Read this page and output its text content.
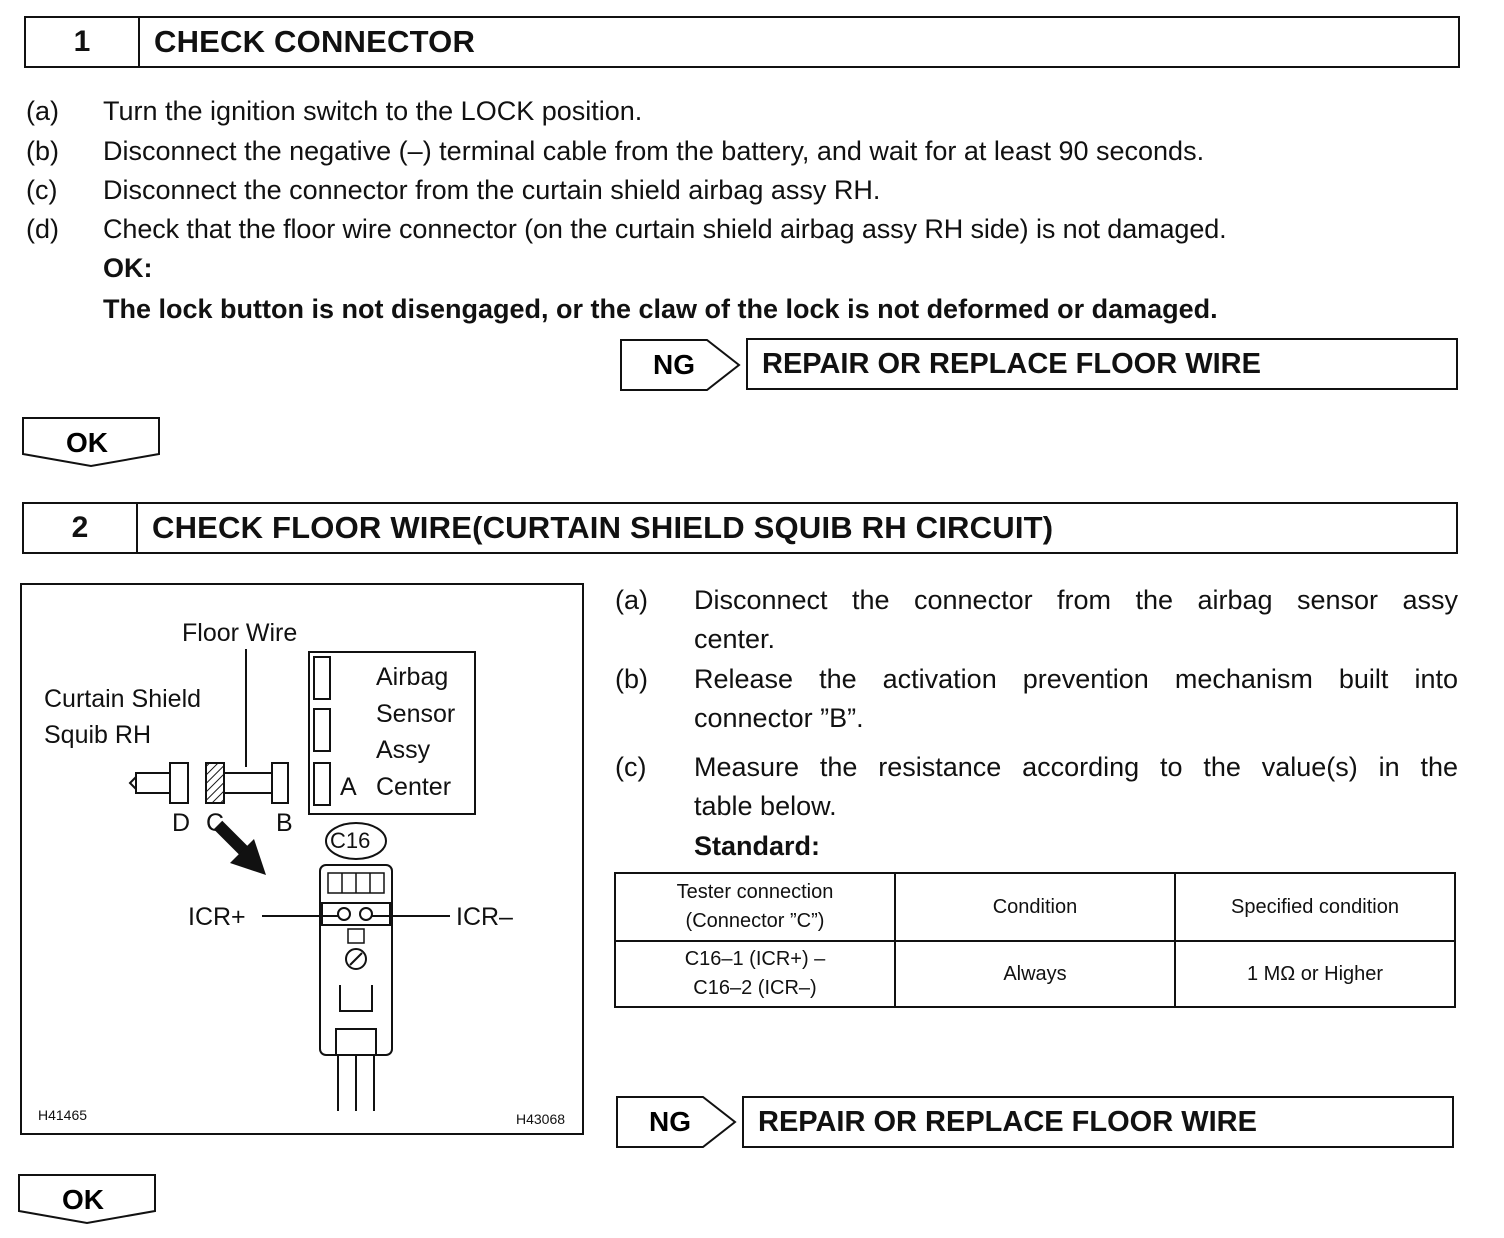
1	CHECK CONNECTOR
(a) Turn the ignition switch to the LOCK position.
(b) Disconnect the negative (–) terminal cable from the battery, and wait for at least 90 seconds.
(c) Disconnect the connector from the curtain shield airbag assy RH.
(d) Check that the floor wire connector (on the curtain shield airbag assy RH side) is not damaged.
OK:
The lock button is not disengaged, or the claw of the lock is not deformed or damaged.
NG	REPAIR OR REPLACE FLOOR WIRE
OK
2	CHECK FLOOR WIRE(CURTAIN SHIELD SQUIB RH CIRCUIT)
Floor Wire
Curtain Shield
Squib RH
Airbag
Sensor
Assy
Center
A
D C B
C16
ICR+	ICR–
H41465	H43068
(a) Disconnect the connector from the airbag sensor assy
center.
(b) Release the activation prevention mechanism built into
connector ”B”.
(c) Measure the resistance according to the value(s) in the
table below.
Standard:
Tester connection
(Connector ”C”)	Condition	Specified condition

C16–1 (ICR+) –
C16–2 (ICR–)	Always	1 MΩ or Higher
NG	REPAIR OR REPLACE FLOOR WIRE
OK
